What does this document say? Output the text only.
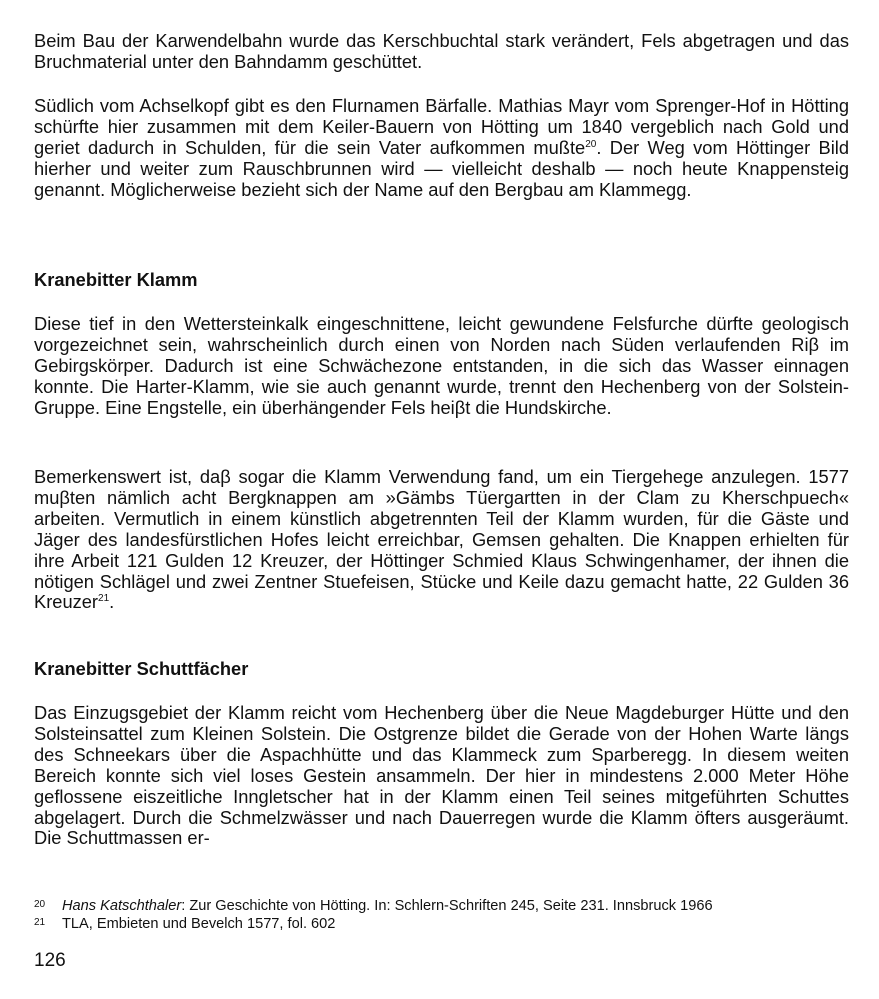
Beim Bau der Karwendelbahn wurde das Kerschbuchtal stark verändert, Fels abgetragen und das Bruchmaterial unter den Bahndamm geschüttet.

Südlich vom Achselkopf gibt es den Flurnamen Bärfalle. Mathias Mayr vom Sprenger-Hof in Hötting schürfte hier zusammen mit dem Keiler-Bauern von Hötting um 1840 vergeblich nach Gold und geriet dadurch in Schulden, für die sein Vater aufkommen mußte$^{20}$. Der Weg vom Höttinger Bild hierher und weiter zum Rauschbrunnen wird — vielleicht deshalb — noch heute Knappensteig genannt. Möglicherweise bezieht sich der Name auf den Bergbau am Klammegg.

Kranebitter Klamm

Diese tief in den Wettersteinkalk eingeschnittene, leicht gewundene Felsfurche dürfte geologisch vorgezeichnet sein, wahrscheinlich durch einen von Norden nach Süden verlaufenden Riβ im Gebirgskörper. Dadurch ist eine Schwächezone entstanden, in die sich das Wasser einnagen konnte. Die Harter-Klamm, wie sie auch genannt wurde, trennt den Hechenberg von der Solstein-Gruppe. Eine Engstelle, ein überhängender Fels heiβt die Hundskirche.

Bemerkenswert ist, daβ sogar die Klamm Verwendung fand, um ein Tiergehege anzulegen. 1577 muβten nämlich acht Bergknappen am »Gämbs Tüergartten in der Clam zu Kherschpuech« arbeiten. Vermutlich in einem künstlich abgetrennten Teil der Klamm wurden, für die Gäste und Jäger des landesfürstlichen Hofes leicht erreichbar, Gemsen gehalten. Die Knappen erhielten für ihre Arbeit 121 Gulden 12 Kreuzer, der Höttinger Schmied Klaus Schwingenhamer, der ihnen die nötigen Schlägel und zwei Zentner Stuefeisen, Stücke und Keile dazu gemacht hatte, 22 Gulden 36 Kreuzer$^{21}$.

Kranebitter Schuttfächer

Das Einzugsgebiet der Klamm reicht vom Hechenberg über die Neue Magdeburger Hütte und den Solsteinsattel zum Kleinen Solstein. Die Ostgrenze bildet die Gerade von der Hohen Warte längs des Schneekars über die Aspachhütte und das Klammeck zum Sparberegg. In diesem weiten Bereich konnte sich viel loses Gestein ansammeln. Der hier in mindestens 2.000 Meter Höhe geflossene eiszeitliche Inngletscher hat in der Klamm einen Teil seines mitgeführten Schuttes abgelagert. Durch die Schmelzwässer und nach Dauerregen wurde die Klamm öfters ausgeräumt. Die Schuttmassen er-

20 Hans Katschthaler: Zur Geschichte von Hötting. In: Schlern-Schriften 245, Seite 231. Innsbruck 1966

21 TLA, Embieten und Bevelch 1577, fol. 602

126
